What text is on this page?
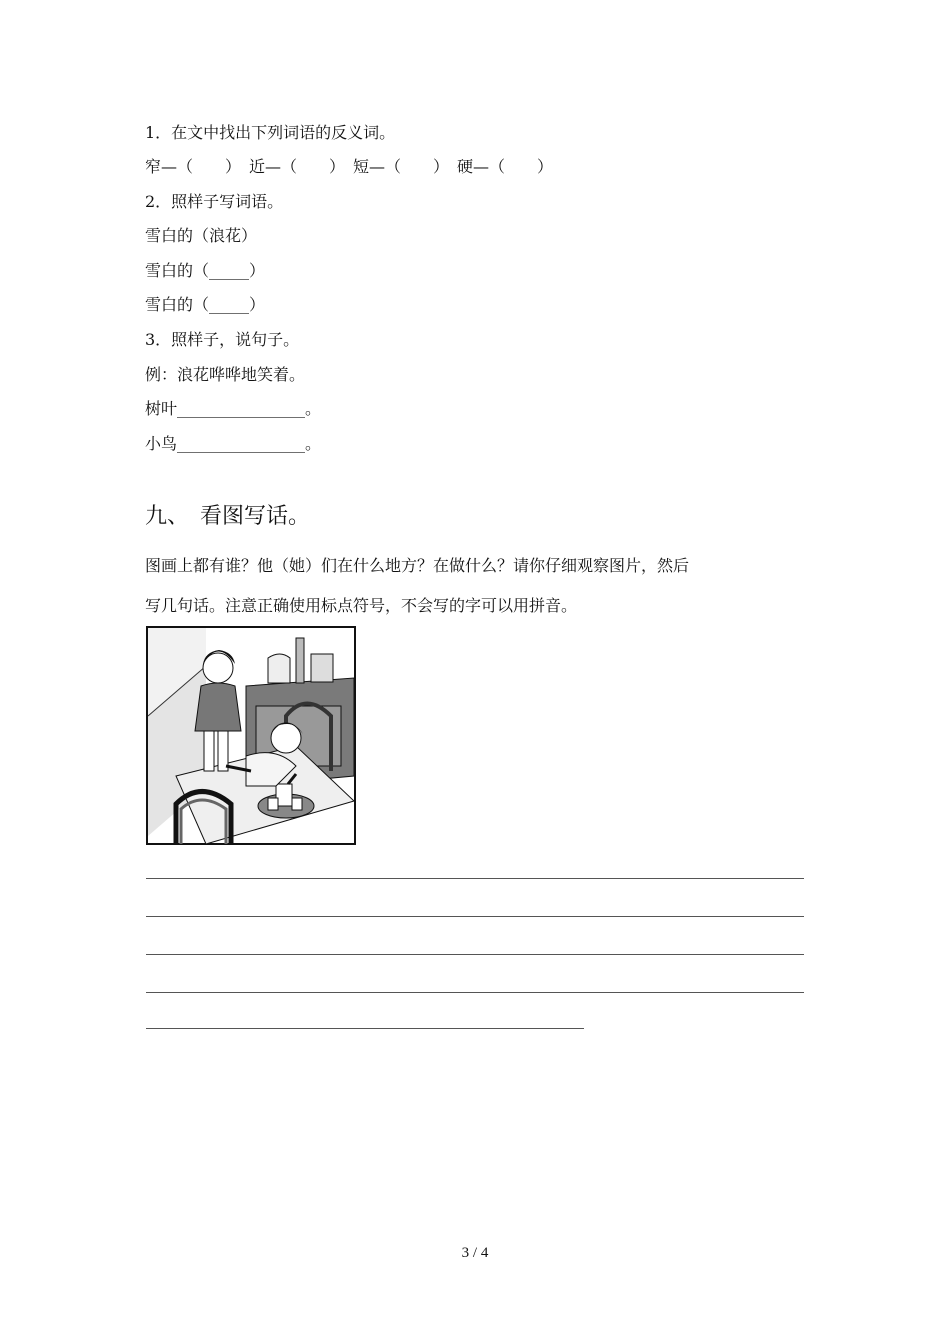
1．在文中找出下列词语的反义词。
窄—（　　）　近—（　　）　短—（　　）　硬—（　　）
2．照样子写词语。
雪白的（浪花）
雪白的（_____）
雪白的（_____）
3．照样子，说句子。
例：浪花哗哗地笑着。
树叶________________。
小鸟________________。
九、　看图写话。
图画上都有谁？他（她）们在什么地方？在做什么？请你仔细观察图片，然后
写几句话。注意正确使用标点符号，不会写的字可以用拼音。
3 / 4
